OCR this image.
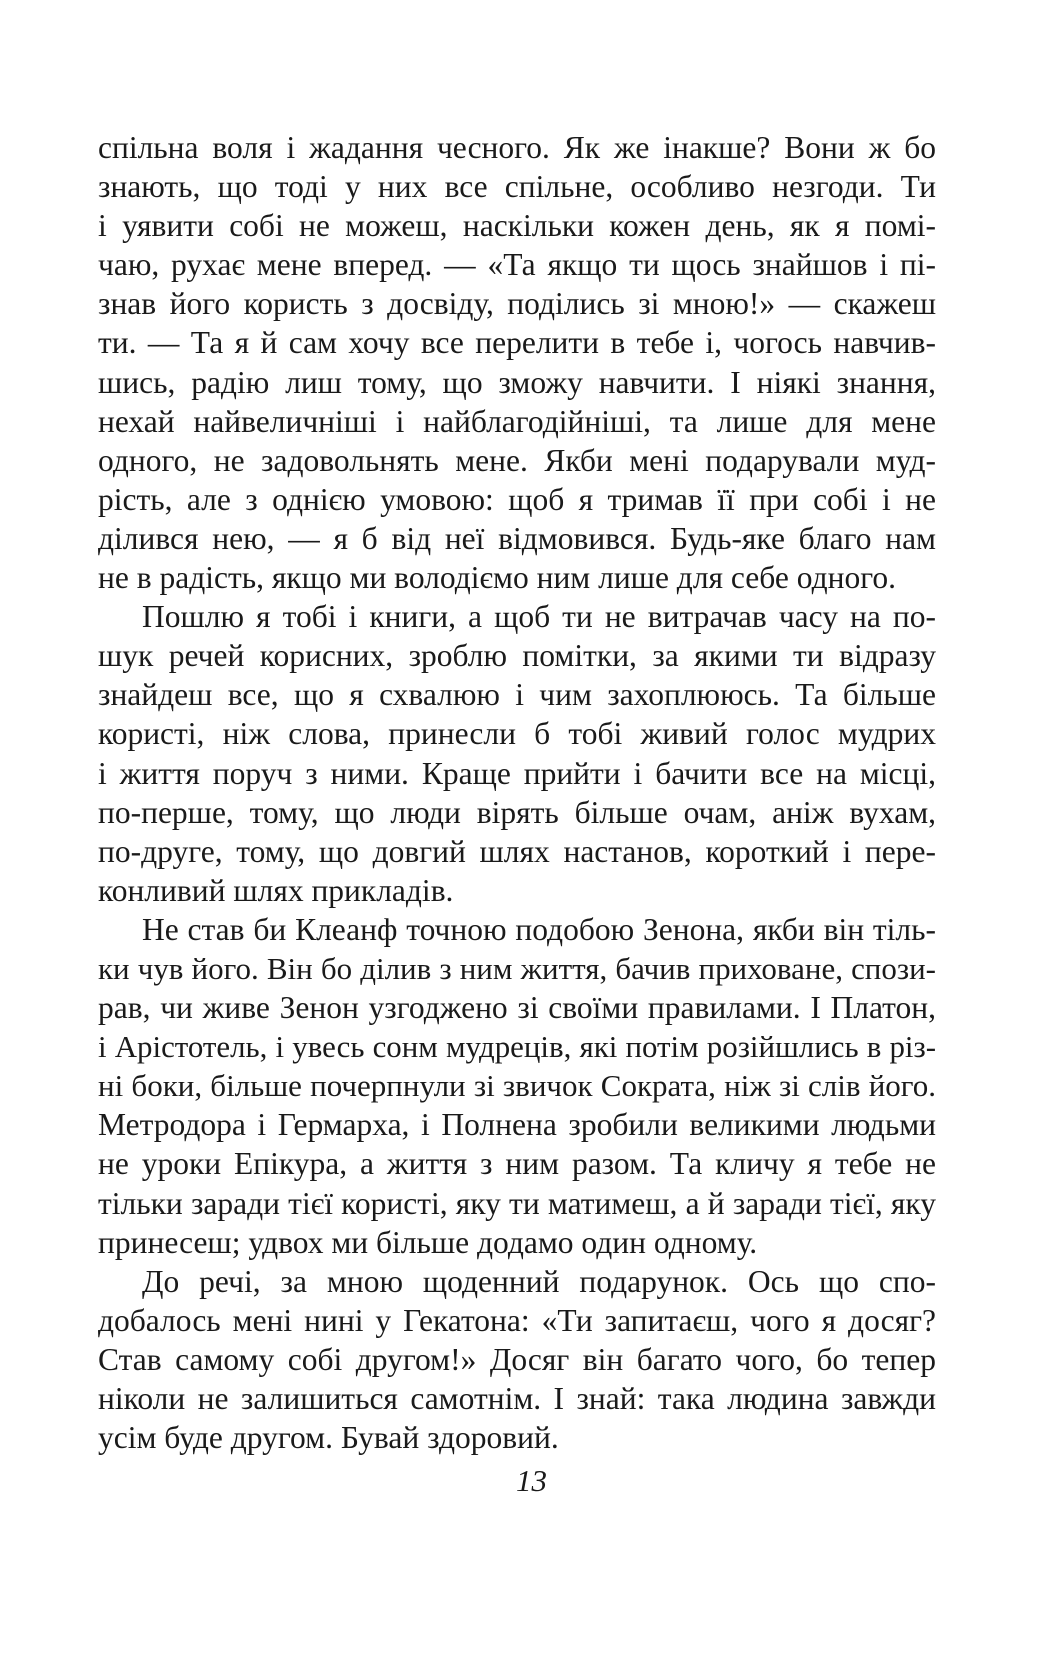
спільна воля і жадання чесного. Як же інакше? Вони ж бо
знають, що тоді у них все спільне, особливо незгоди. Ти
і уявити собі не можеш, наскільки кожен день, як я помі-
чаю, рухає мене вперед. — «Та якщо ти щось знайшов і пі-
знав його користь з досвіду, поділись зі мною!» — скажеш
ти. — Та я й сам хочу все перелити в тебе і, чогось навчив-
шись, радію лиш тому, що зможу навчити. І ніякі знання,
нехай найвеличніші і найблагодійніші, та лише для мене
одного, не задовольнять мене. Якби мені подарували муд-
рість, але з однією умовою: щоб я тримав її при собі і не
ділився нею, — я б від неї відмовився. Будь-яке благо нам
не в радість, якщо ми володіємо ним лише для себе одного.
Пошлю я тобі і книги, а щоб ти не витрачав часу на по-
шук речей корисних, зроблю помітки, за якими ти відразу
знайдеш все, що я схвалюю і чим захоплююсь. Та більше
користі, ніж слова, принесли б тобі живий голос мудрих
і життя поруч з ними. Краще прийти і бачити все на місці,
по-перше, тому, що люди вірять більше очам, аніж вухам,
по-друге, тому, що довгий шлях настанов, короткий і пере-
конливий шлях прикладів.
Не став би Клеанф точною подобою Зенона, якби він тіль-
ки чув його. Він бо ділив з ним життя, бачив приховане, спози-
рав, чи живе Зенон узгоджено зі своїми правилами. І Платон,
і Арістотель, і увесь сонм мудреців, які потім розійшлись в різ-
ні боки, більше почерпнули зі звичок Сократа, ніж зі слів його.
Метродора і Гермарха, і Полнена зробили великими людьми
не уроки Епікура, а життя з ним разом. Та кличу я тебе не
тільки заради тієї користі, яку ти матимеш, а й заради тієї, яку
принесеш; удвох ми більше додамо один одному.
До речі, за мною щоденний подарунок. Ось що спо-
добалось мені нині у Гекатона: «Ти запитаєш, чого я досяг?
Став самому собі другом!» Досяг він багато чого, бо тепер
ніколи не залишиться самотнім. І знай: така людина завжди
усім буде другом. Бувай здоровий.
13
